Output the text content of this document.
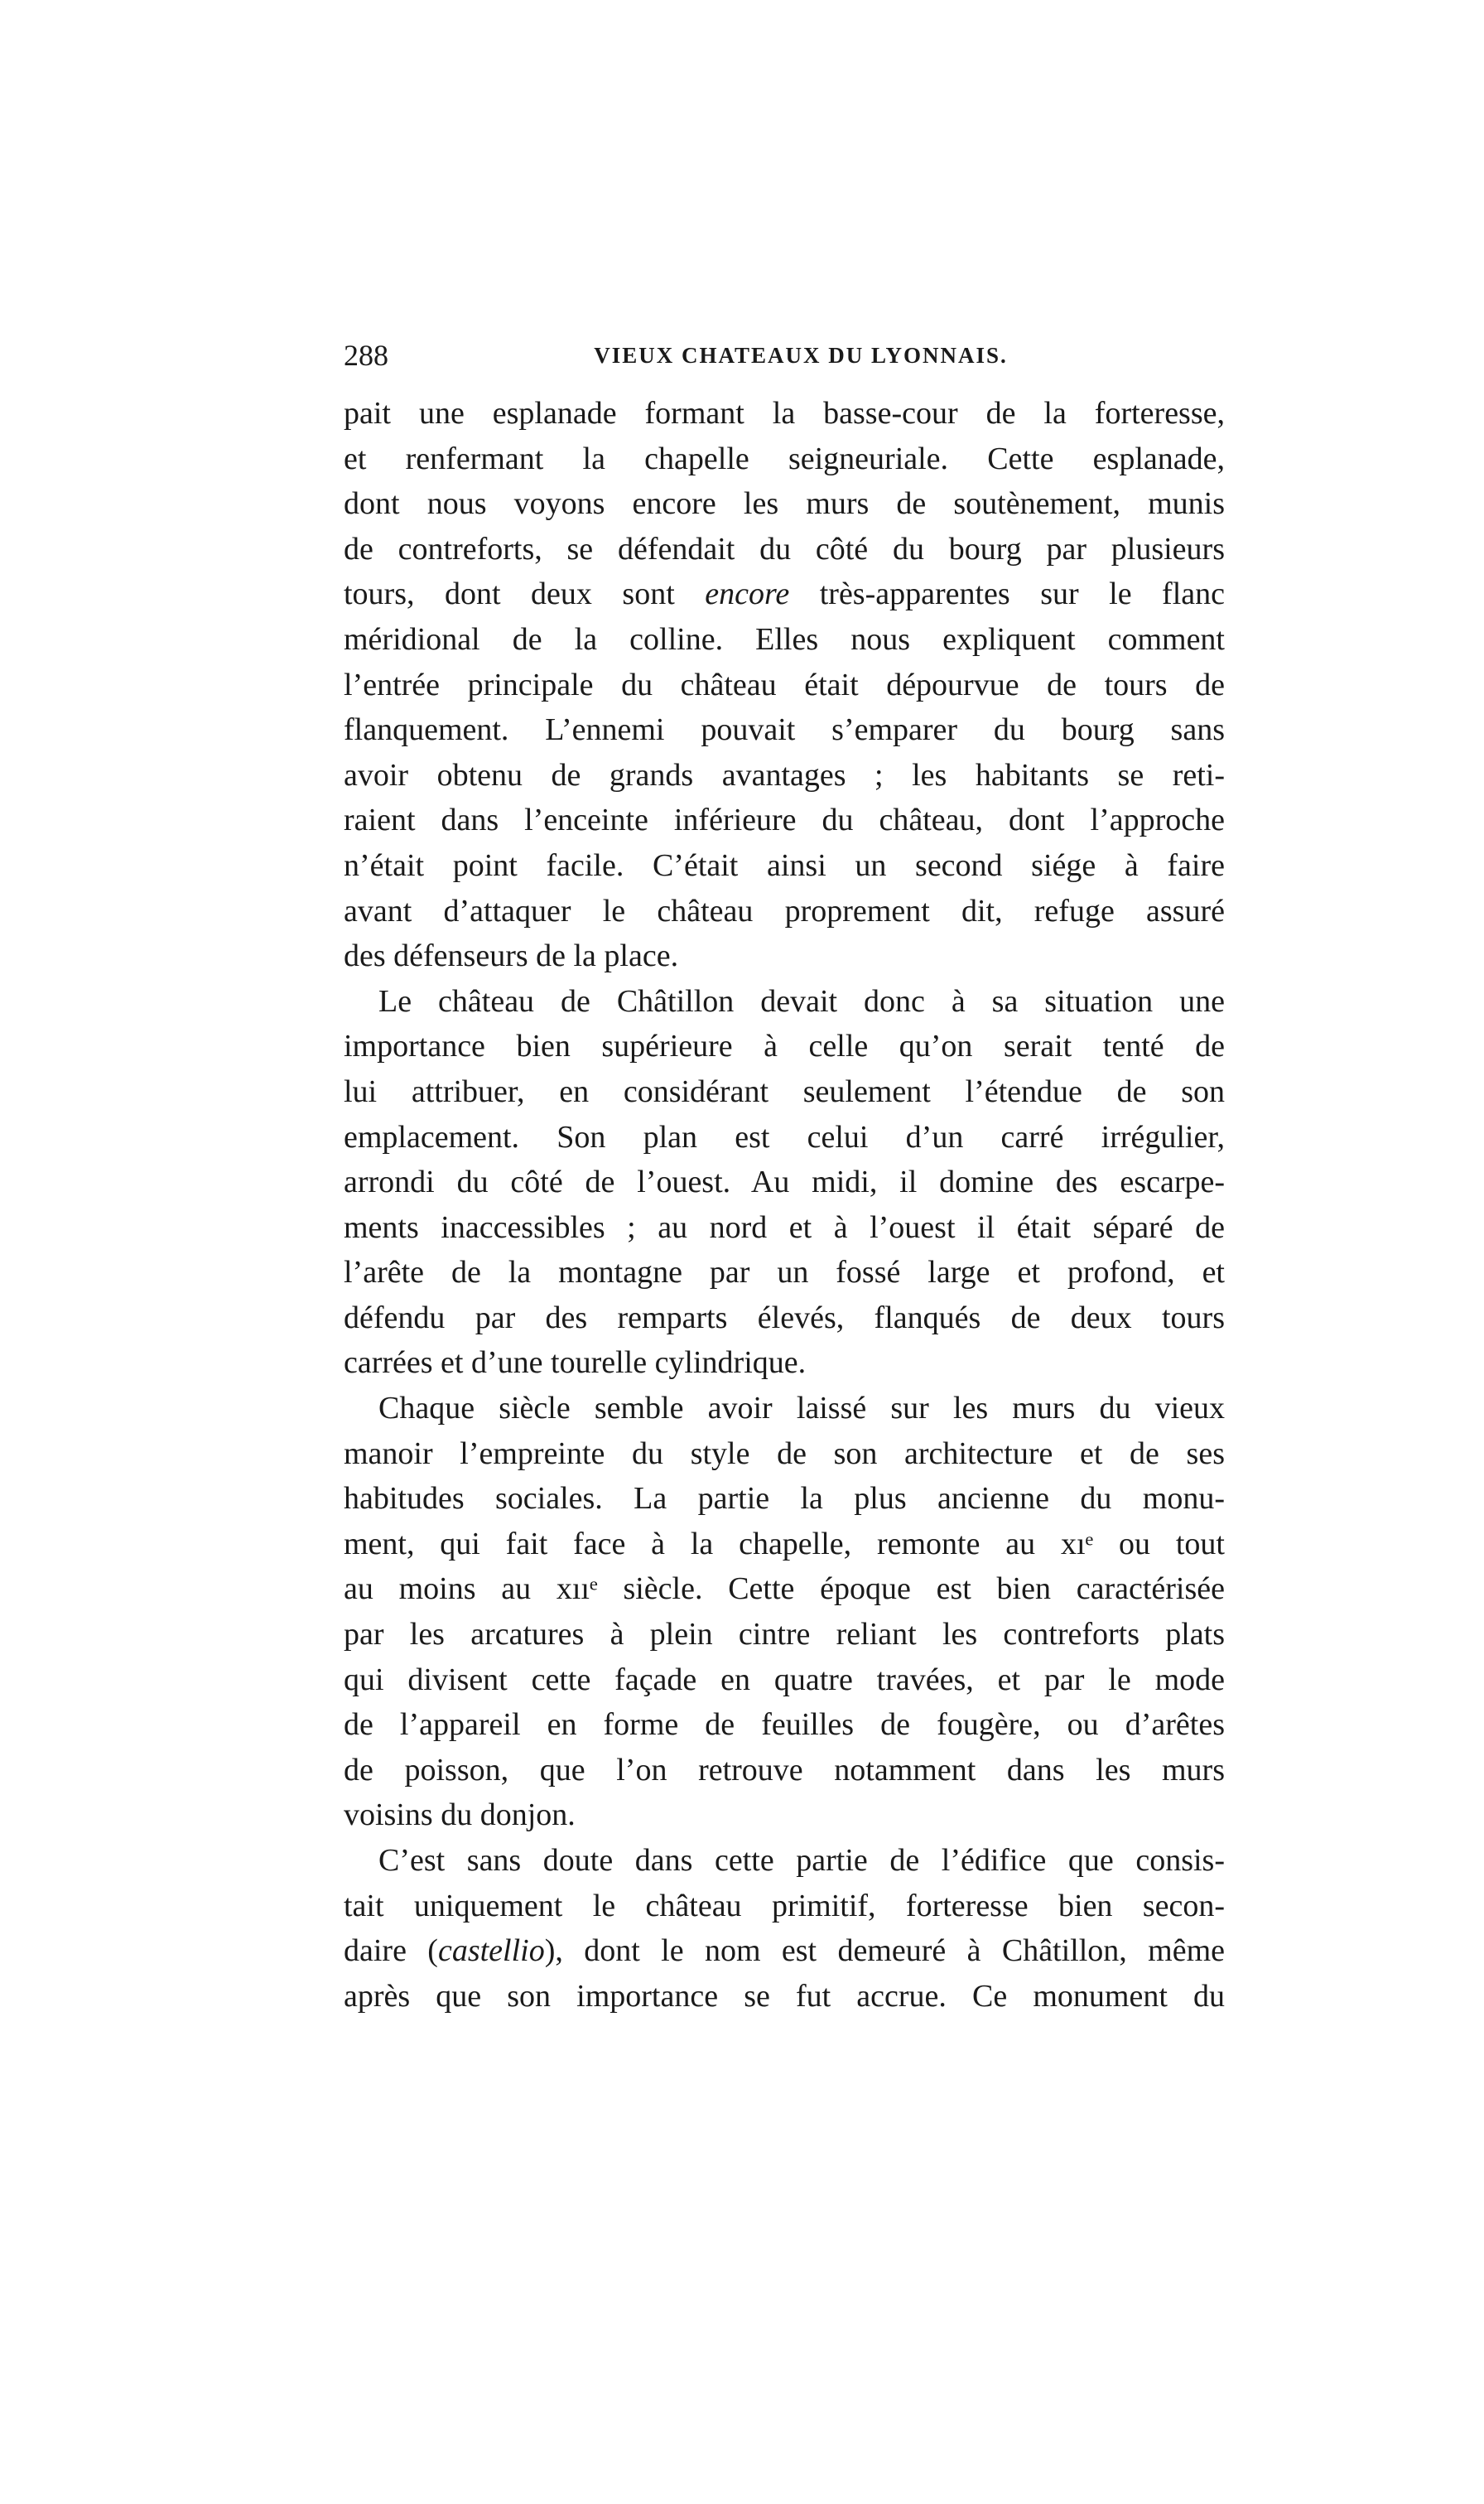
288	VIEUX CHATEAUX DU LYONNAIS.
pait une esplanade formant la basse-cour de la forteresse,
et renfermant la chapelle seigneuriale. Cette esplanade,
dont nous voyons encore les murs de soutènement, munis
de contreforts, se défendait du côté du bourg par plusieurs
tours, dont deux sont encore très-apparentes sur le flanc
méridional de la colline. Elles nous expliquent comment
l’entrée principale du château était dépourvue de tours de
flanquement. L’ennemi pouvait s’emparer du bourg sans
avoir obtenu de grands avantages ; les habitants se reti-
raient dans l’enceinte inférieure du château, dont l’approche
n’était point facile. C’était ainsi un second siége à faire
avant d’attaquer le château proprement dit, refuge assuré
des défenseurs de la place.
Le château de Châtillon devait donc à sa situation une
importance bien supérieure à celle qu’on serait tenté de
lui attribuer, en considérant seulement l’étendue de son
emplacement. Son plan est celui d’un carré irrégulier,
arrondi du côté de l’ouest. Au midi, il domine des escarpe-
ments inaccessibles ; au nord et à l’ouest il était séparé de
l’arête de la montagne par un fossé large et profond, et
défendu par des remparts élevés, flanqués de deux tours
carrées et d’une tourelle cylindrique.
Chaque siècle semble avoir laissé sur les murs du vieux
manoir l’empreinte du style de son architecture et de ses
habitudes sociales. La partie la plus ancienne du monu-
ment, qui fait face à la chapelle, remonte au xıᵉ ou tout
au moins au xııᵉ siècle. Cette époque est bien caractérisée
par les arcatures à plein cintre reliant les contreforts plats
qui divisent cette façade en quatre travées, et par le mode
de l’appareil en forme de feuilles de fougère, ou d’arêtes
de poisson, que l’on retrouve notamment dans les murs
voisins du donjon.
C’est sans doute dans cette partie de l’édifice que consis-
tait uniquement le château primitif, forteresse bien secon-
daire (castellio), dont le nom est demeuré à Châtillon, même
après que son importance se fut accrue. Ce monument du
